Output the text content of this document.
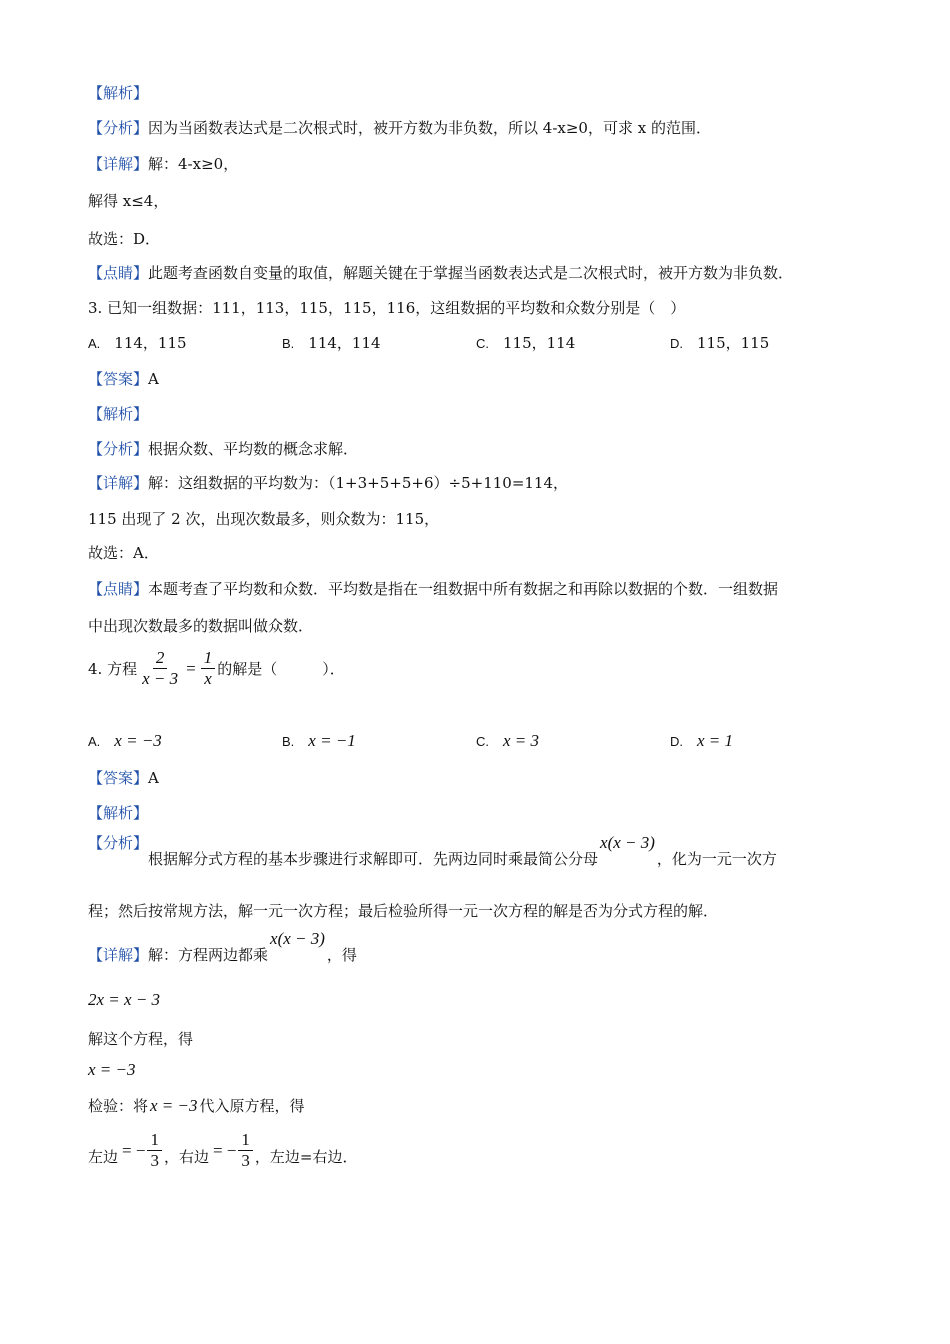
【解析】
【分析】因为当函数表达式是二次根式时，被开方数为非负数，所以 4-x≥0，可求 x 的范围．
【详解】解：4-x≥0，
解得 x≤4，
故选：D．
【点睛】此题考查函数自变量的取值，解题关键在于掌握当函数表达式是二次根式时，被开方数为非负数．
3. 已知一组数据：111，113，115，115，116，这组数据的平均数和众数分别是（　）
A. 114，115	B. 114，114	C. 115，114	D. 115，115
【答案】A
【解析】
【分析】根据众数、平均数的概念求解．
【详解】解：这组数据的平均数为：（1+3+5+5+6）÷5+110=114，
115 出现了 2 次，出现次数最多，则众数为：115，
故选：A．
【点睛】本题考查了平均数和众数．平均数是指在一组数据中所有数据之和再除以数据的个数．一组数据
中出现次数最多的数据叫做众数．
4. 方程 $\frac{2}{x - 3} = \frac{1}{x}$ 的解是（　　　）．
A. x = −3	B. x = −1	C. x = 3	D. x = 1
【答案】A
【解析】
【分析】根据解分式方程的基本步骤进行求解即可．先两边同时乘最简公分母x(x − 3)，化为一元一次方
程；然后按常规方法，解一元一次方程；最后检验所得一元一次方程的解是否为分式方程的解．
【详解】解：方程两边都乘x(x − 3)，得
2x = x − 3
解这个方程，得
x = −3
检验：将 x = −3 代入原方程，得
左边 = − $\frac{1}{3}$ ，右边 = − $\frac{1}{3}$ ，左边=右边．
